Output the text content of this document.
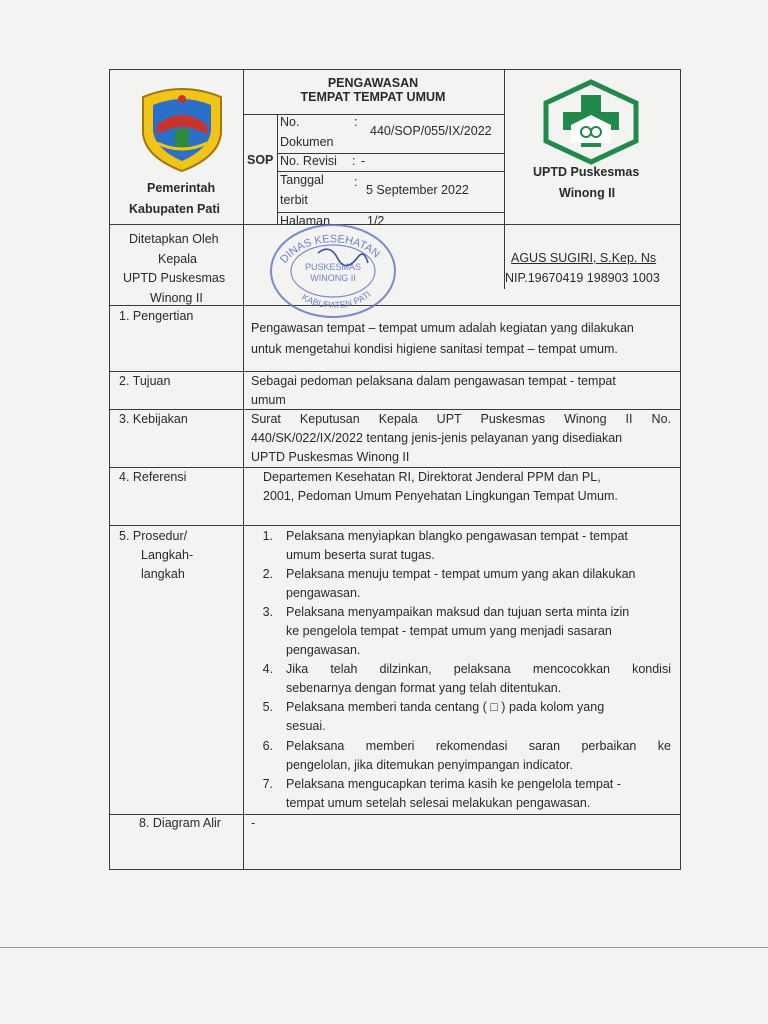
Pemerintah
Kabupaten Pati
PENGAWASAN
TEMPAT TEMPAT UMUM
SOP
No.
Dokumen
:
440/SOP/055/IX/2022
No. Revisi : -
Tanggal
terbit
:
5 September 2022
Halaman	1/2
UPTD Puskesmas
Winong II
Ditetapkan Oleh
Kepala
UPTD Puskesmas
Winong II
AGUS SUGIRI, S.Kep. Ns
NIP.19670419 198903 1003
1. Pengertian
2. Tujuan
3. Kebijakan
4. Referensi
5. Prosedur/
Langkah-
langkah
8. Diagram Alir
Pengawasan tempat – tempat umum adalah kegiatan yang dilakukan
untuk mengetahui kondisi higiene sanitasi tempat – tempat umum.
Sebagai pedoman pelaksana dalam pengawasan tempat - tempat
umum
Surat Keputusan Kepala UPT Puskesmas Winong II No.
440/SK/022/IX/2022 tentang jenis-jenis pelayanan yang disediakan
UPTD Puskesmas Winong II
Departemen Kesehatan RI, Direktorat Jenderal PPM dan PL,
2001, Pedoman Umum Penyehatan Lingkungan Tempat Umum.
1. Pelaksana menyiapkan blangko pengawasan tempat - tempat
umum beserta surat tugas.
2. Pelaksana menuju tempat - tempat umum yang akan dilakukan
pengawasan.
3. Pelaksana menyampaikan maksud dan tujuan serta minta izin
ke pengelola tempat - tempat umum yang menjadi sasaran
pengawasan.
4. Jika telah dilzinkan, pelaksana mencocokkan kondisi
sebenarnya dengan format yang telah ditentukan.
5. Pelaksana memberi tanda centang ( □ ) pada kolom yang
sesuai.
6. Pelaksana memberi rekomendasi saran perbaikan ke
pengelolan, jika ditemukan penyimpangan indicator.
7. Pelaksana mengucapkan terima kasih ke pengelola tempat -
tempat umum setelah selesai melakukan pengawasan.
-
DINAS KESEHATAN
PUSKESMAS
WINONG II
KABUPATEN PATI
